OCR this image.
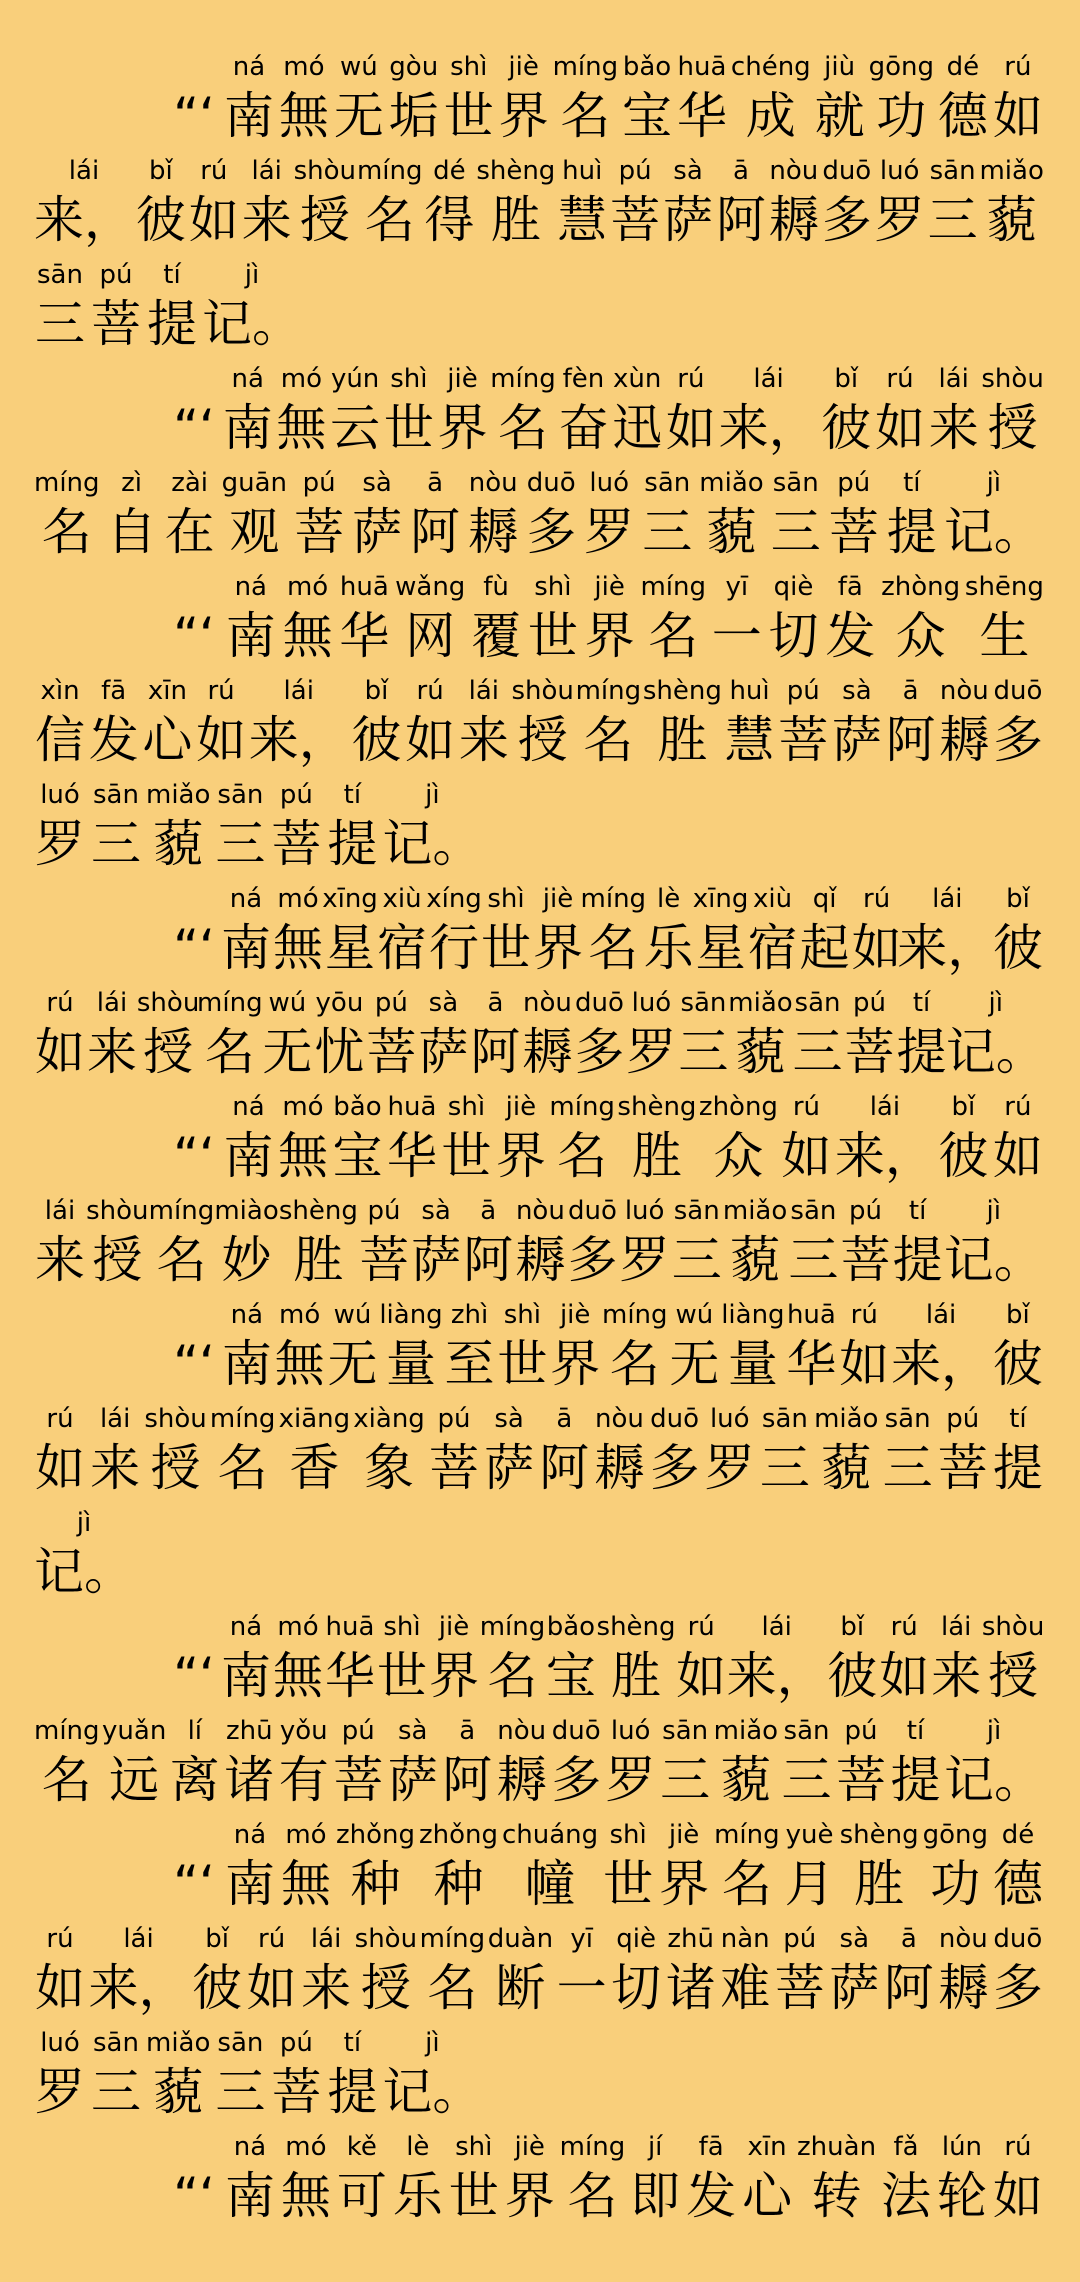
“‘
ná
南
mó
無
wú
无
gòu
垢
shì
世
jiè
界
míng
名
bǎo
宝
huā
华
chéng
成
jiù
就
gōng
功
dé
德
rú
如
lái
来，
bǐ
彼
rú
如
lái
来
shòu
授
míng
名
dé
得
shèng
胜
huì
慧
pú
菩
sà
萨
ā
阿
nòu
耨
duō
多
luó
罗
sān
三
miǎo
藐
sān
三
pú
菩
tí
提
jì
记。
“‘
ná
南
mó
無
yún
云
shì
世
jiè
界
míng
名
fèn
奋
xùn
迅
rú
如
lái
来，
bǐ
彼
rú
如
lái
来
shòu
授
míng
名
zì
自
zài
在
guān
观
pú
菩
sà
萨
ā
阿
nòu
耨
duō
多
luó
罗
sān
三
miǎo
藐
sān
三
pú
菩
tí
提
jì
记。
“‘
ná
南
mó
無
huā
华
wǎng
网
fù
覆
shì
世
jiè
界
míng
名
yī
一
qiè
切
fā
发
zhòng
众
shēng
生
xìn
信
fā
发
xīn
心
rú
如
lái
来，
bǐ
彼
rú
如
lái
来
shòu
授
míng
名
shèng
胜
huì
慧
pú
菩
sà
萨
ā
阿
nòu
耨
duō
多
luó
罗
sān
三
miǎo
藐
sān
三
pú
菩
tí
提
jì
记。
“‘
ná
南
mó
無
xīng
星
xiù
宿
xíng
行
shì
世
jiè
界
míng
名
lè
乐
xīng
星
xiù
宿
qǐ
起
rú
如
lái
来，
bǐ
彼
rú
如
lái
来
shòu
授
míng
名
wú
无
yōu
忧
pú
菩
sà
萨
ā
阿
nòu
耨
duō
多
luó
罗
sān
三
miǎo
藐
sān
三
pú
菩
tí
提
jì
记。
“‘
ná
南
mó
無
bǎo
宝
huā
华
shì
世
jiè
界
míng
名
shèng
胜
zhòng
众
rú
如
lái
来，
bǐ
彼
rú
如
lái
来
shòu
授
míng
名
miào
妙
shèng
胜
pú
菩
sà
萨
ā
阿
nòu
耨
duō
多
luó
罗
sān
三
miǎo
藐
sān
三
pú
菩
tí
提
jì
记。
“‘
ná
南
mó
無
wú
无
liàng
量
zhì
至
shì
世
jiè
界
míng
名
wú
无
liàng
量
huā
华
rú
如
lái
来，
bǐ
彼
rú
如
lái
来
shòu
授
míng
名
xiāng
香
xiàng
象
pú
菩
sà
萨
ā
阿
nòu
耨
duō
多
luó
罗
sān
三
miǎo
藐
sān
三
pú
菩
tí
提
jì
记。
“‘
ná
南
mó
無
huā
华
shì
世
jiè
界
míng
名
bǎo
宝
shèng
胜
rú
如
lái
来，
bǐ
彼
rú
如
lái
来
shòu
授
míng
名
yuǎn
远
lí
离
zhū
诸
yǒu
有
pú
菩
sà
萨
ā
阿
nòu
耨
duō
多
luó
罗
sān
三
miǎo
藐
sān
三
pú
菩
tí
提
jì
记。
“‘
ná
南
mó
無
zhǒng
种
zhǒng
种
chuáng
幢
shì
世
jiè
界
míng
名
yuè
月
shèng
胜
gōng
功
dé
德
rú
如
lái
来，
bǐ
彼
rú
如
lái
来
shòu
授
míng
名
duàn
断
yī
一
qiè
切
zhū
诸
nàn
难
pú
菩
sà
萨
ā
阿
nòu
耨
duō
多
luó
罗
sān
三
miǎo
藐
sān
三
pú
菩
tí
提
jì
记。
“‘
ná
南
mó
無
kě
可
lè
乐
shì
世
jiè
界
míng
名
jí
即
fā
发
xīn
心
zhuàn
转
fǎ
法
lún
轮
rú
如
